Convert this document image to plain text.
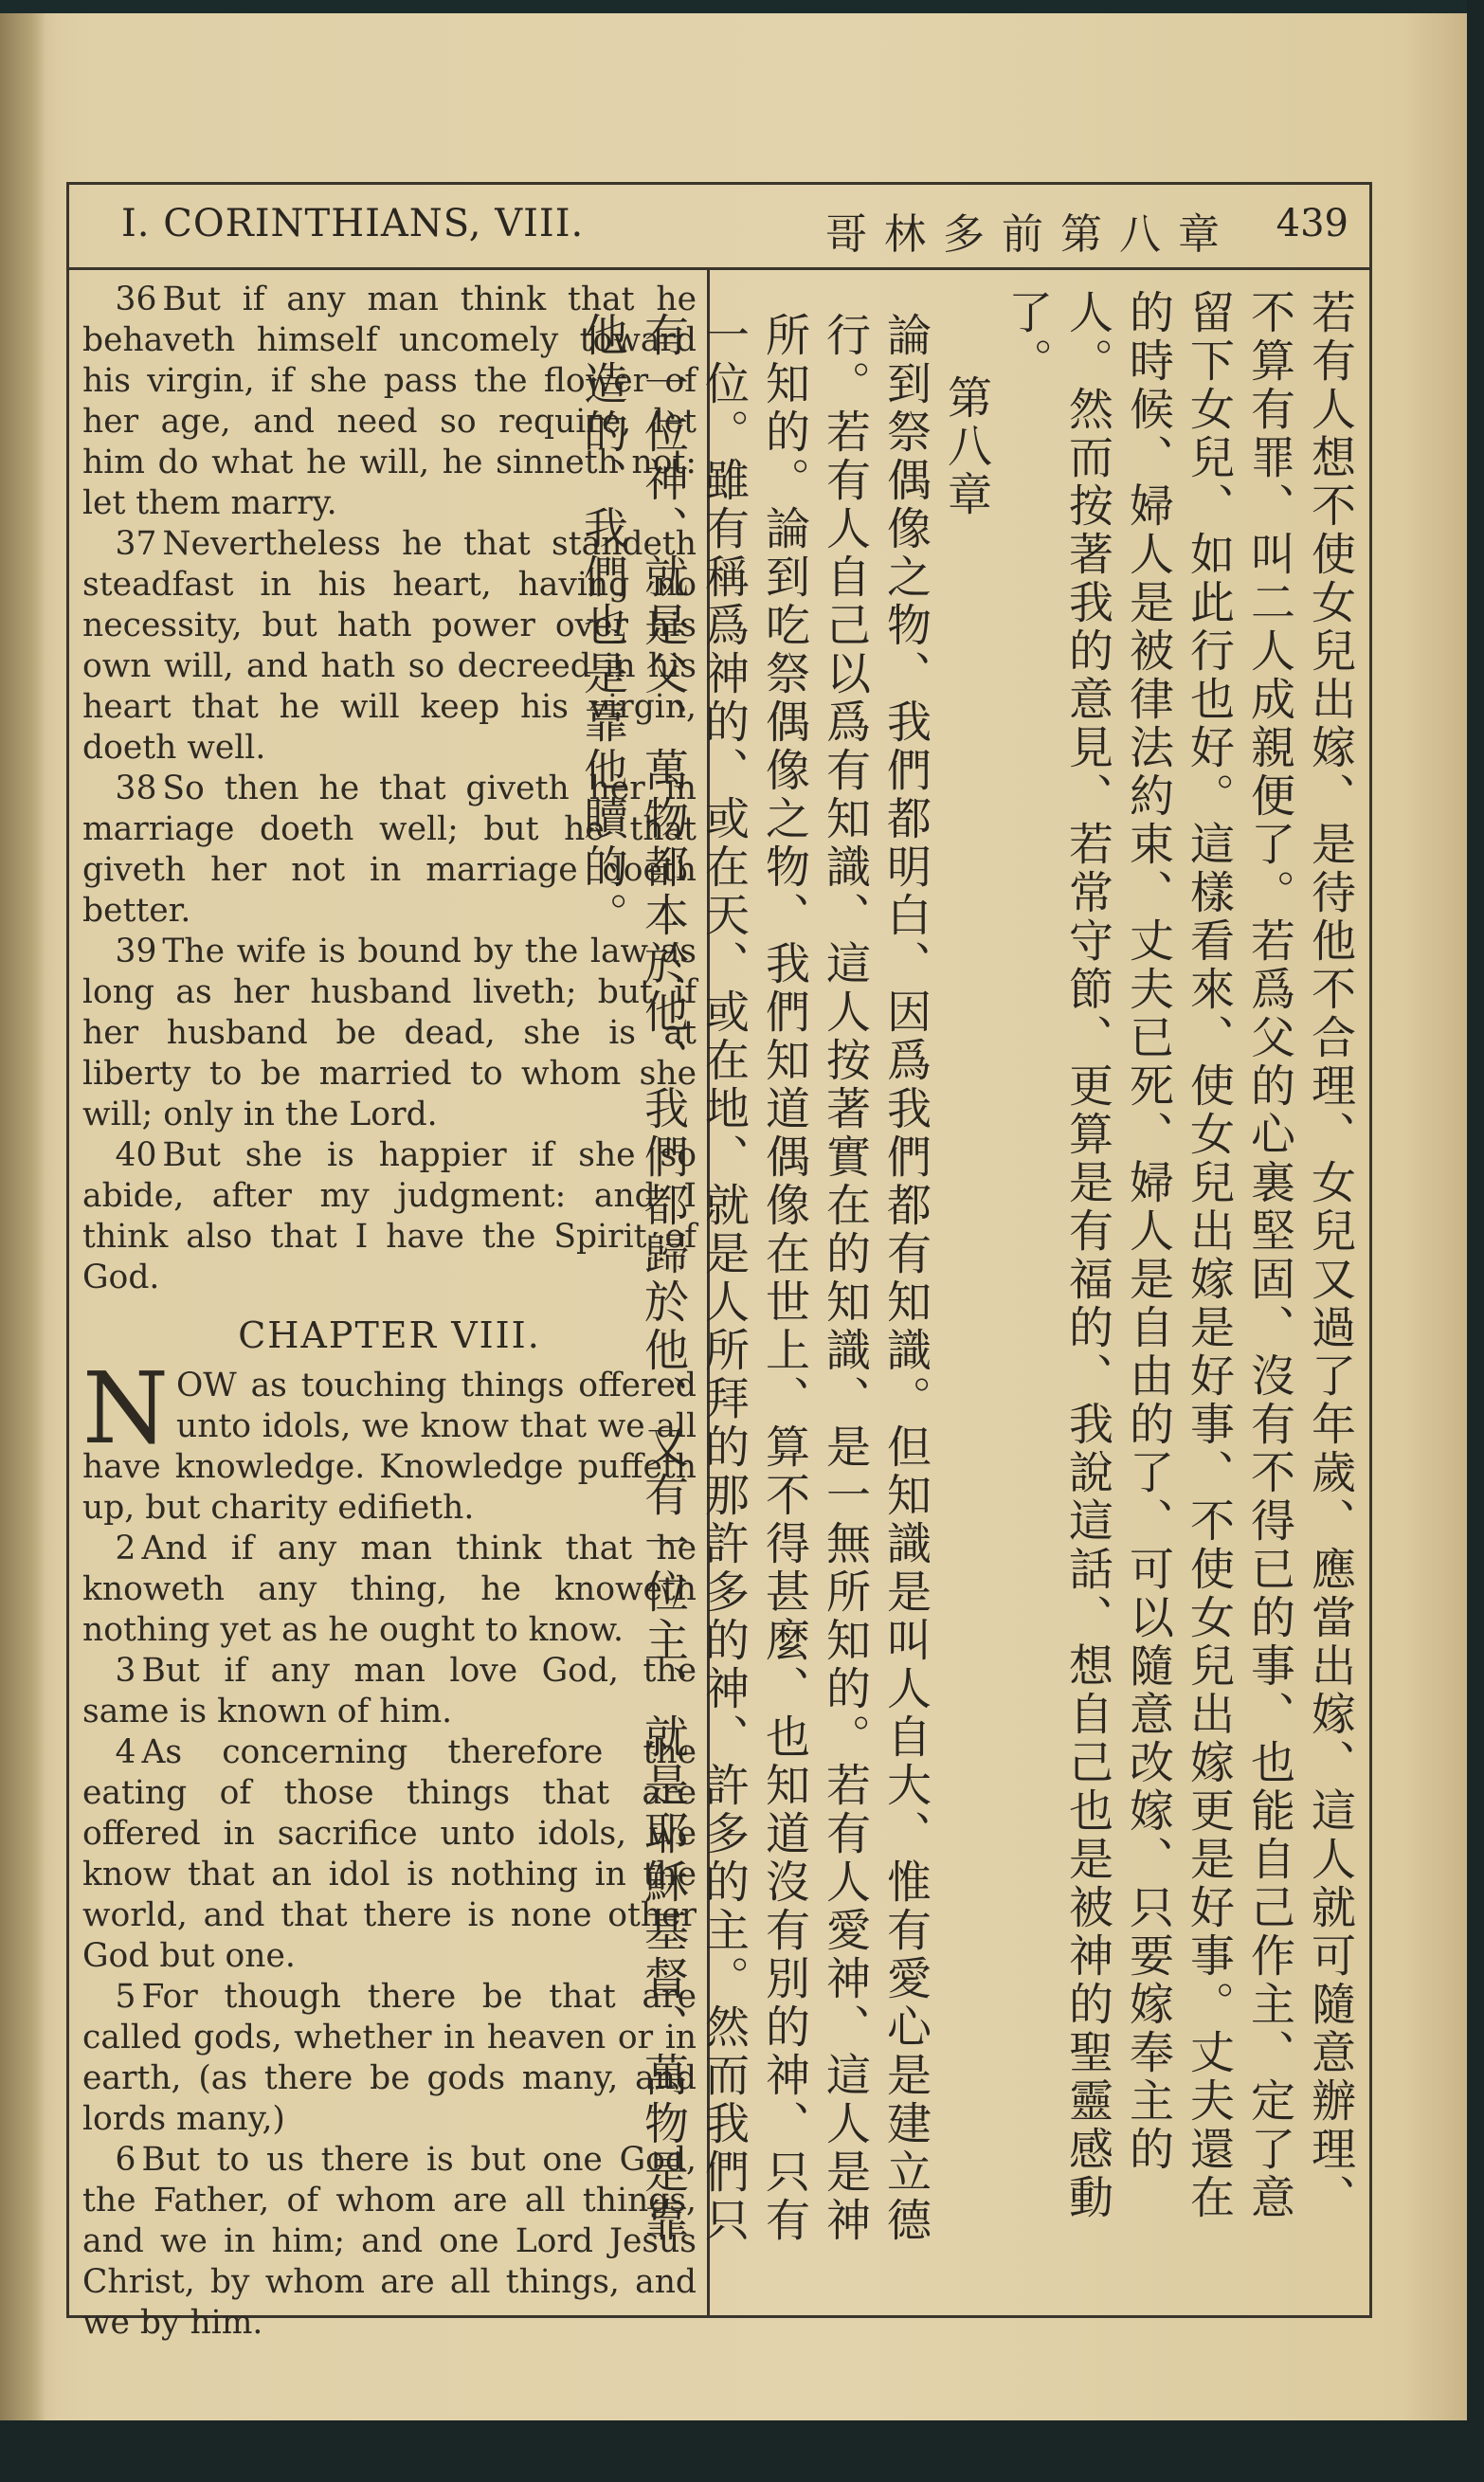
I. CORINTHIANS, VIII.	哥林多前第八章 439

 36 But if any man think that he behaveth himself uncomely toward his virgin, if she pass the flower of her age, and need so require, let him do what he will, he sinneth not: let them marry.

 37 Nevertheless he that standeth steadfast in his heart, having no necessity, but hath power over his own will, and hath so decreed in his heart that he will keep his virgin, doeth well.

 38 So then he that giveth her in marriage doeth well; but he that giveth her not in marriage doeth better.

 39 The wife is bound by the law as long as her husband liveth; but if her husband be dead, she is at liberty to be married to whom she will; only in the Lord.

 40 But she is happier if she so abide, after my judgment: and I think also that I have the Spirit of God.

CHAPTER VIII.

NOW as touching things offered unto idols, we know that we all have knowledge. Knowledge puffeth up, but charity edifieth.

 2 And if any man think that he knoweth any thing, he knoweth nothing yet as he ought to know.

 3 But if any man love God, the same is known of him.

 4 As concerning therefore the eating of those things that are offered in sacrifice unto idols, we know that an idol is nothing in the world, and that there is none other God but one.

 5 For though there be that are called gods, whether in heaven or in earth, (as there be gods many, and lords many,)

 6 But to us there is but one God, the Father, of whom are all things, and we in him; and one Lord Jesus Christ, by whom are all things, and we by him.

若有人想不使女兒出嫁、是待他不合理、女兒又過了年歲、應當出嫁、這人就可隨意辦理、不算有罪、叫二人成親便了。若爲父的心裏堅固、沒有不得已的事、也能自己作主、定了意留下女兒、如此行也好。這樣看來、使女兒出嫁是好事、不使女兒出嫁更是好事。丈夫還在的時候、婦人是被律法約束、丈夫已死、婦人是自由的了、可以隨意改嫁、只要嫁奉主的人。然而按著我的意見、若常守節、更算是有福的、我說這話、想自己也是被神的聖靈感動了。

第八章

論到祭偶像之物、我們都明白、因爲我們都有知識。但知識是叫人自大、惟有愛心是建立德行。若有人自己以爲有知識、這人按著實在的知識、是一無所知的。若有人愛神、這人是神所知的。論到吃祭偶像之物、我們知道偶像在世上、算不得甚麼、也知道沒有別的神、只有一位。雖有稱爲神的、或在天、或在地、就是人所拜的那許多的神、許多的主。然而我們只有一位神、就是父、萬物都本於他、我們都歸於他、又有一位主、就是耶穌基督、萬物是靠他造的、我們也是靠他贖的。
